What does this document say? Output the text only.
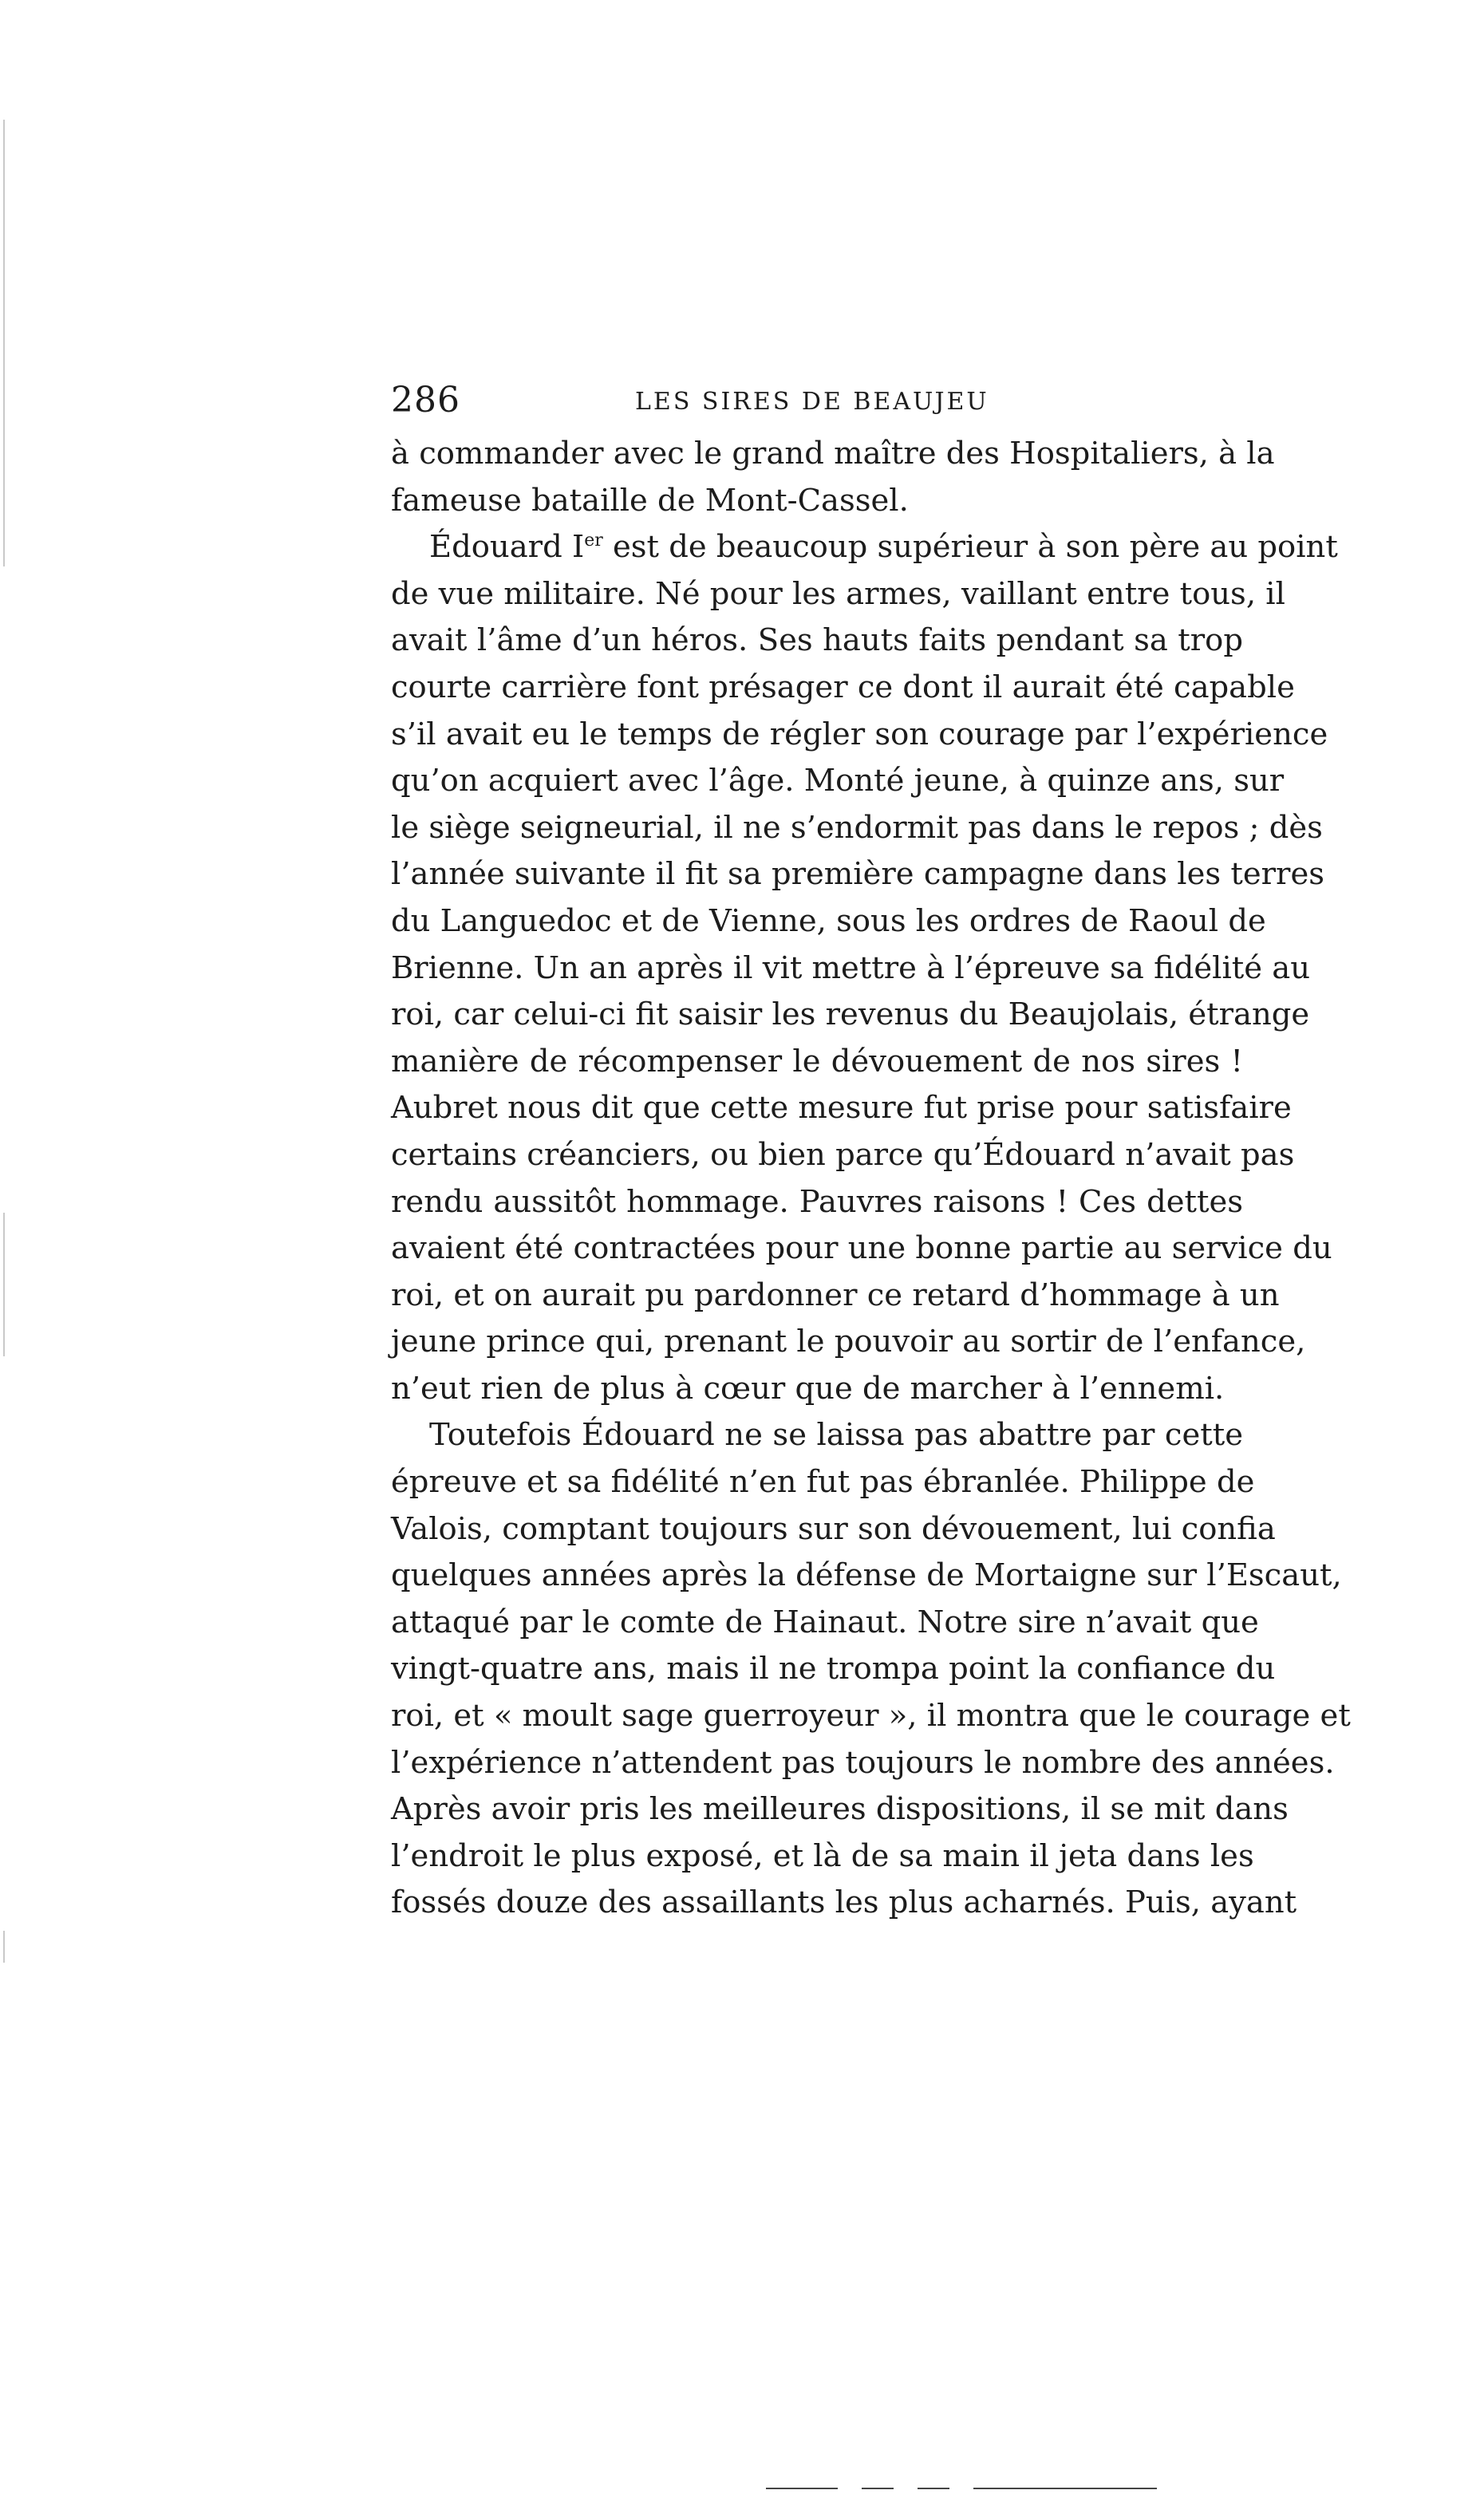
286	LES SIRES DE BEAUJEU
à commander avec le grand maître des Hospitaliers, à la
fameuse bataille de Mont-Cassel.
Édouard Ier est de beaucoup supérieur à son père au point
de vue militaire. Né pour les armes, vaillant entre tous, il
avait l’âme d’un héros. Ses hauts faits pendant sa trop
courte carrière font présager ce dont il aurait été capable
s’il avait eu le temps de régler son courage par l’expérience
qu’on acquiert avec l’âge. Monté jeune, à quinze ans, sur
le siège seigneurial, il ne s’endormit pas dans le repos ; dès
l’année suivante il fit sa première campagne dans les terres
du Languedoc et de Vienne, sous les ordres de Raoul de
Brienne. Un an après il vit mettre à l’épreuve sa fidélité au
roi, car celui-ci fit saisir les revenus du Beaujolais, étrange
manière de récompenser le dévouement de nos sires !
Aubret nous dit que cette mesure fut prise pour satisfaire
certains créanciers, ou bien parce qu’Édouard n’avait pas
rendu aussitôt hommage. Pauvres raisons ! Ces dettes
avaient été contractées pour une bonne partie au service du
roi, et on aurait pu pardonner ce retard d’hommage à un
jeune prince qui, prenant le pouvoir au sortir de l’enfance,
n’eut rien de plus à cœur que de marcher à l’ennemi.
Toutefois Édouard ne se laissa pas abattre par cette
épreuve et sa fidélité n’en fut pas ébranlée. Philippe de
Valois, comptant toujours sur son dévouement, lui confia
quelques années après la défense de Mortaigne sur l’Escaut,
attaqué par le comte de Hainaut. Notre sire n’avait que
vingt-quatre ans, mais il ne trompa point la confiance du
roi, et « moult sage guerroyeur », il montra que le courage et
l’expérience n’attendent pas toujours le nombre des années.
Après avoir pris les meilleures dispositions, il se mit dans
l’endroit le plus exposé, et là de sa main il jeta dans les
fossés douze des assaillants les plus acharnés. Puis, ayant
